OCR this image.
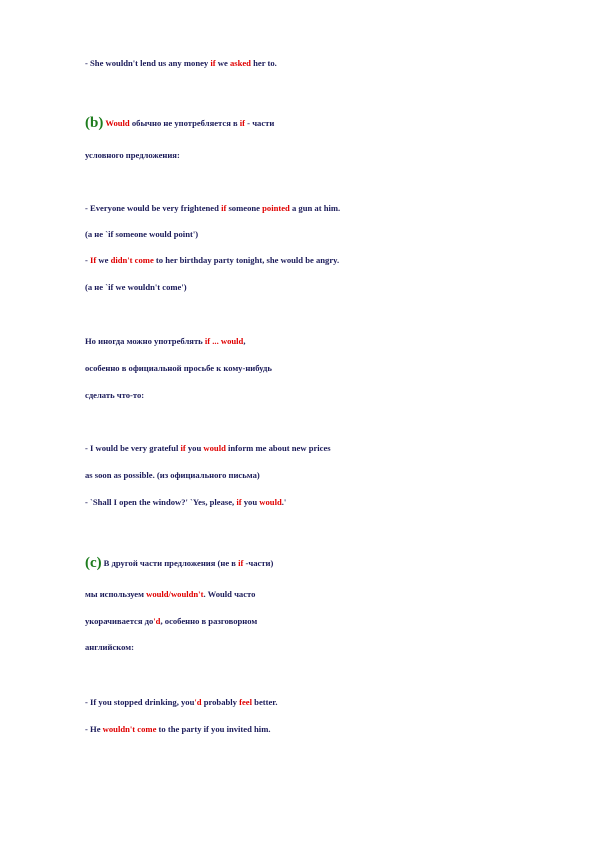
- She wouldn't lend us any money if we asked her to.
(b) Would обычно не употребляется в if - части
условного предложения:
- Everyone would be very frightened if someone pointed a gun at him.
(а не `if someone would point')
- If we didn't come to her birthday party tonight, she would be angry.
(а не `if we wouldn't come')
Но иногда можно употреблять if ... would,
особенно в официальной просьбе к кому-нибудь
сделать что-то:
- I would be very grateful if you would inform me about new prices
as soon as possible. (из официального письма)
- `Shall I open the window?' `Yes, please, if you would.'
(c) В другой части предложения (не в if -части)
мы используем would/wouldn't. Would часто
укорачивается до'd, особенно в разговорном
английском:
- If you stopped drinking, you'd probably feel better.
- He wouldn't come to the party if you invited him.
